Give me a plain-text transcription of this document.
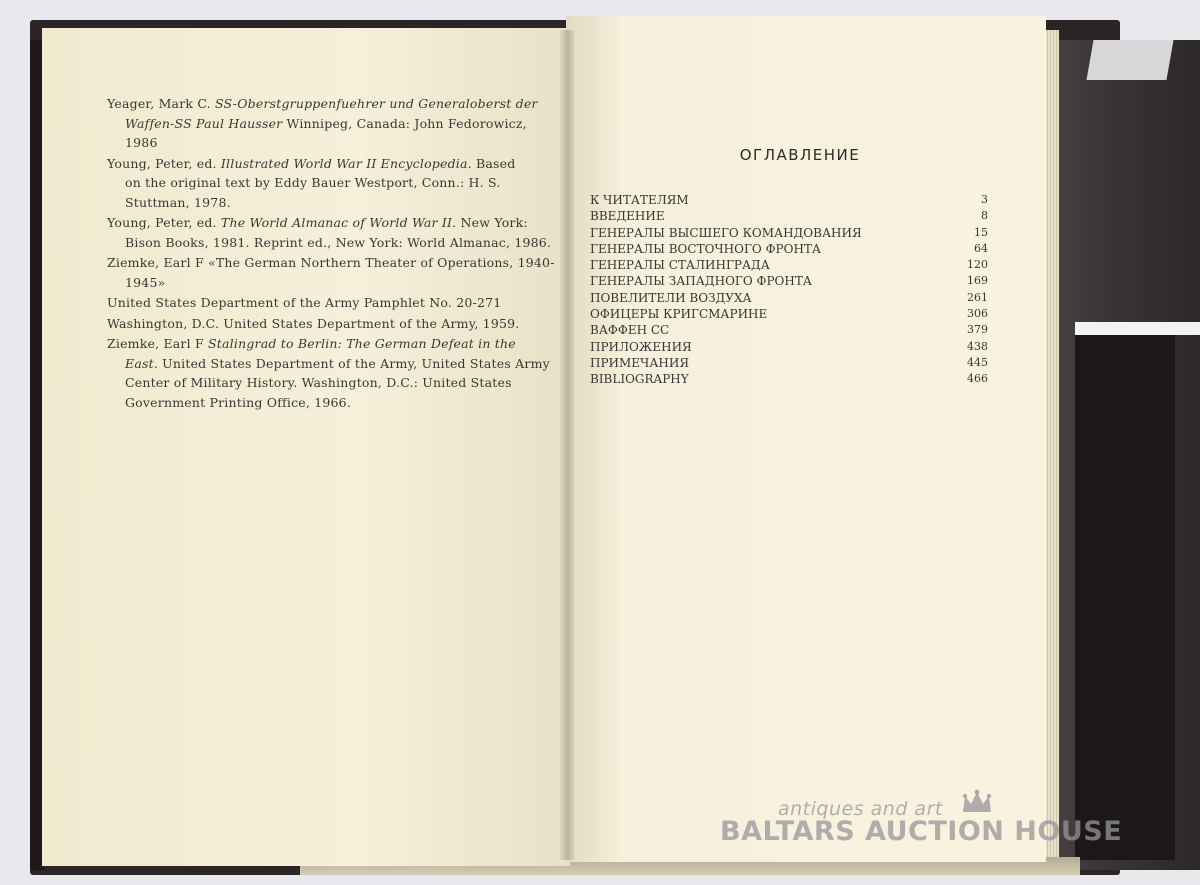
Yeager, Mark C. SS-Oberstgruppenfuehrer und Generaloberst der
Waffen-SS Paul Hausser Winnipeg, Canada: John Fedorowicz,
1986
Young, Peter, ed. Illustrated World War II Encyclopedia. Based
on the original text by Eddy Bauer Westport, Conn.: H. S.
Stuttman, 1978.
Young, Peter, ed. The World Almanac of World War II. New York:
Bison Books, 1981. Reprint ed., New York: World Almanac, 1986.
Ziemke, Earl F «The German Northern Theater of Operations, 1940-
1945»
United States Department of the Army Pamphlet No. 20-271
Washington, D.C. United States Department of the Army, 1959.
Ziemke, Earl F Stalingrad to Berlin: The German Defeat in the
East. United States Department of the Army, United States Army
Center of Military History. Washington, D.C.: United States
Government Printing Office, 1966.
ОГЛАВЛЕНИЕ
К ЧИТАТЕЛЯМ	3
ВВЕДЕНИЕ	8
ГЕНЕРАЛЫ ВЫСШЕГО КОМАНДОВАНИЯ	15
ГЕНЕРАЛЫ ВОСТОЧНОГО ФРОНТА	64
ГЕНЕРАЛЫ СТАЛИНГРАДА	120
ГЕНЕРАЛЫ ЗАПАДНОГО ФРОНТА	169
ПОВЕЛИТЕЛИ ВОЗДУХА	261
ОФИЦЕРЫ КРИГСМАРИНЕ	306
ВАФФЕН СС	379
ПРИЛОЖЕНИЯ	438
ПРИМЕЧАНИЯ	445
BIBLIOGRAPHY	466
antiques and art
BALTARS AUCTION HOUSE
